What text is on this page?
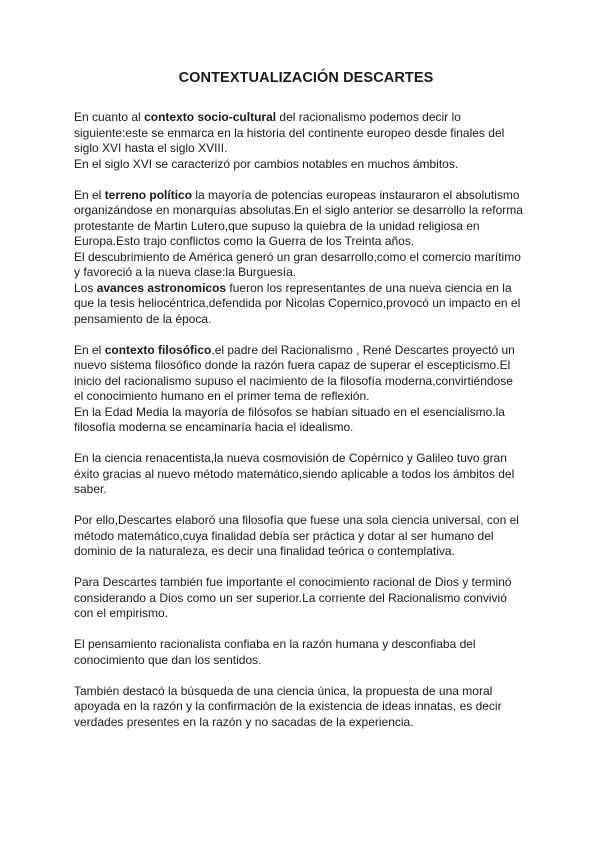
CONTEXTUALIZACIÓN DESCARTES
En cuanto al contexto socio-cultural del racionalismo podemos decir lo
siguiente:este se enmarca en la historia del continente europeo desde finales del
siglo XVI hasta el siglo XVIII.
En el siglo XVI se caracterizó por cambios notables en muchos ámbitos.
En el terreno político la mayoría de potencias europeas instauraron el absolutismo
organizándose en monarquías absolutas.En el siglo anterior se desarrollo la reforma
protestante de Martin Lutero,que supuso la quiebra de la unidad religiosa en
Europa.Esto trajo conflictos como la Guerra de los Treinta años.
El descubrimiento de América generó un gran desarrollo,como el comercio marítimo
y favoreció a la nueva clase:la Burguesía.
Los avances astronomicos fueron los representantes de una nueva ciencia en la
que la tesis heliocéntrica,defendida por Nicolas Copernico,provocó un impacto en el
pensamiento de la época.
En el contexto filosófico,el padre del Racionalismo , René Descartes proyectó un
nuevo sistema filosófico donde la razón fuera capaz de superar el escepticismo.El
inicio del racionalismo supuso el nacimiento de la filosofía moderna,convirtiéndose
el conocimiento humano en el primer tema de reflexión.
En la Edad Media la mayoría de filósofos se habían situado en el esencialismo.la
filosofía moderna se encaminaría hacia el idealismo.
En la ciencia renacentista,la nueva cosmovisión de Copérnico y Galileo tuvo gran
éxito gracias al nuevo método matemático,siendo aplicable a todos los ámbitos del
saber.
Por ello,Descartes elaboró una filosofía que fuese una sola ciencia universal, con el
método matemático,cuya finalidad debía ser práctica y dotar al ser humano del
dominio de la naturaleza, es decir una finalidad teórica o contemplativa.
Para Descartes también fue importante el conocimiento racional de Dios y terminó
considerando a Dios como un ser superior.La corriente del Racionalismo convivió
con el empirismo.
El pensamiento racionalista confiaba en la razón humana y desconfiaba del
conocimiento que dan los sentidos.
También destacó la búsqueda de una ciencia única, la propuesta de una moral
apoyada en la razón y la confirmación de la existencia de ideas innatas, es decir
verdades presentes en la razón y no sacadas de la experiencia.
